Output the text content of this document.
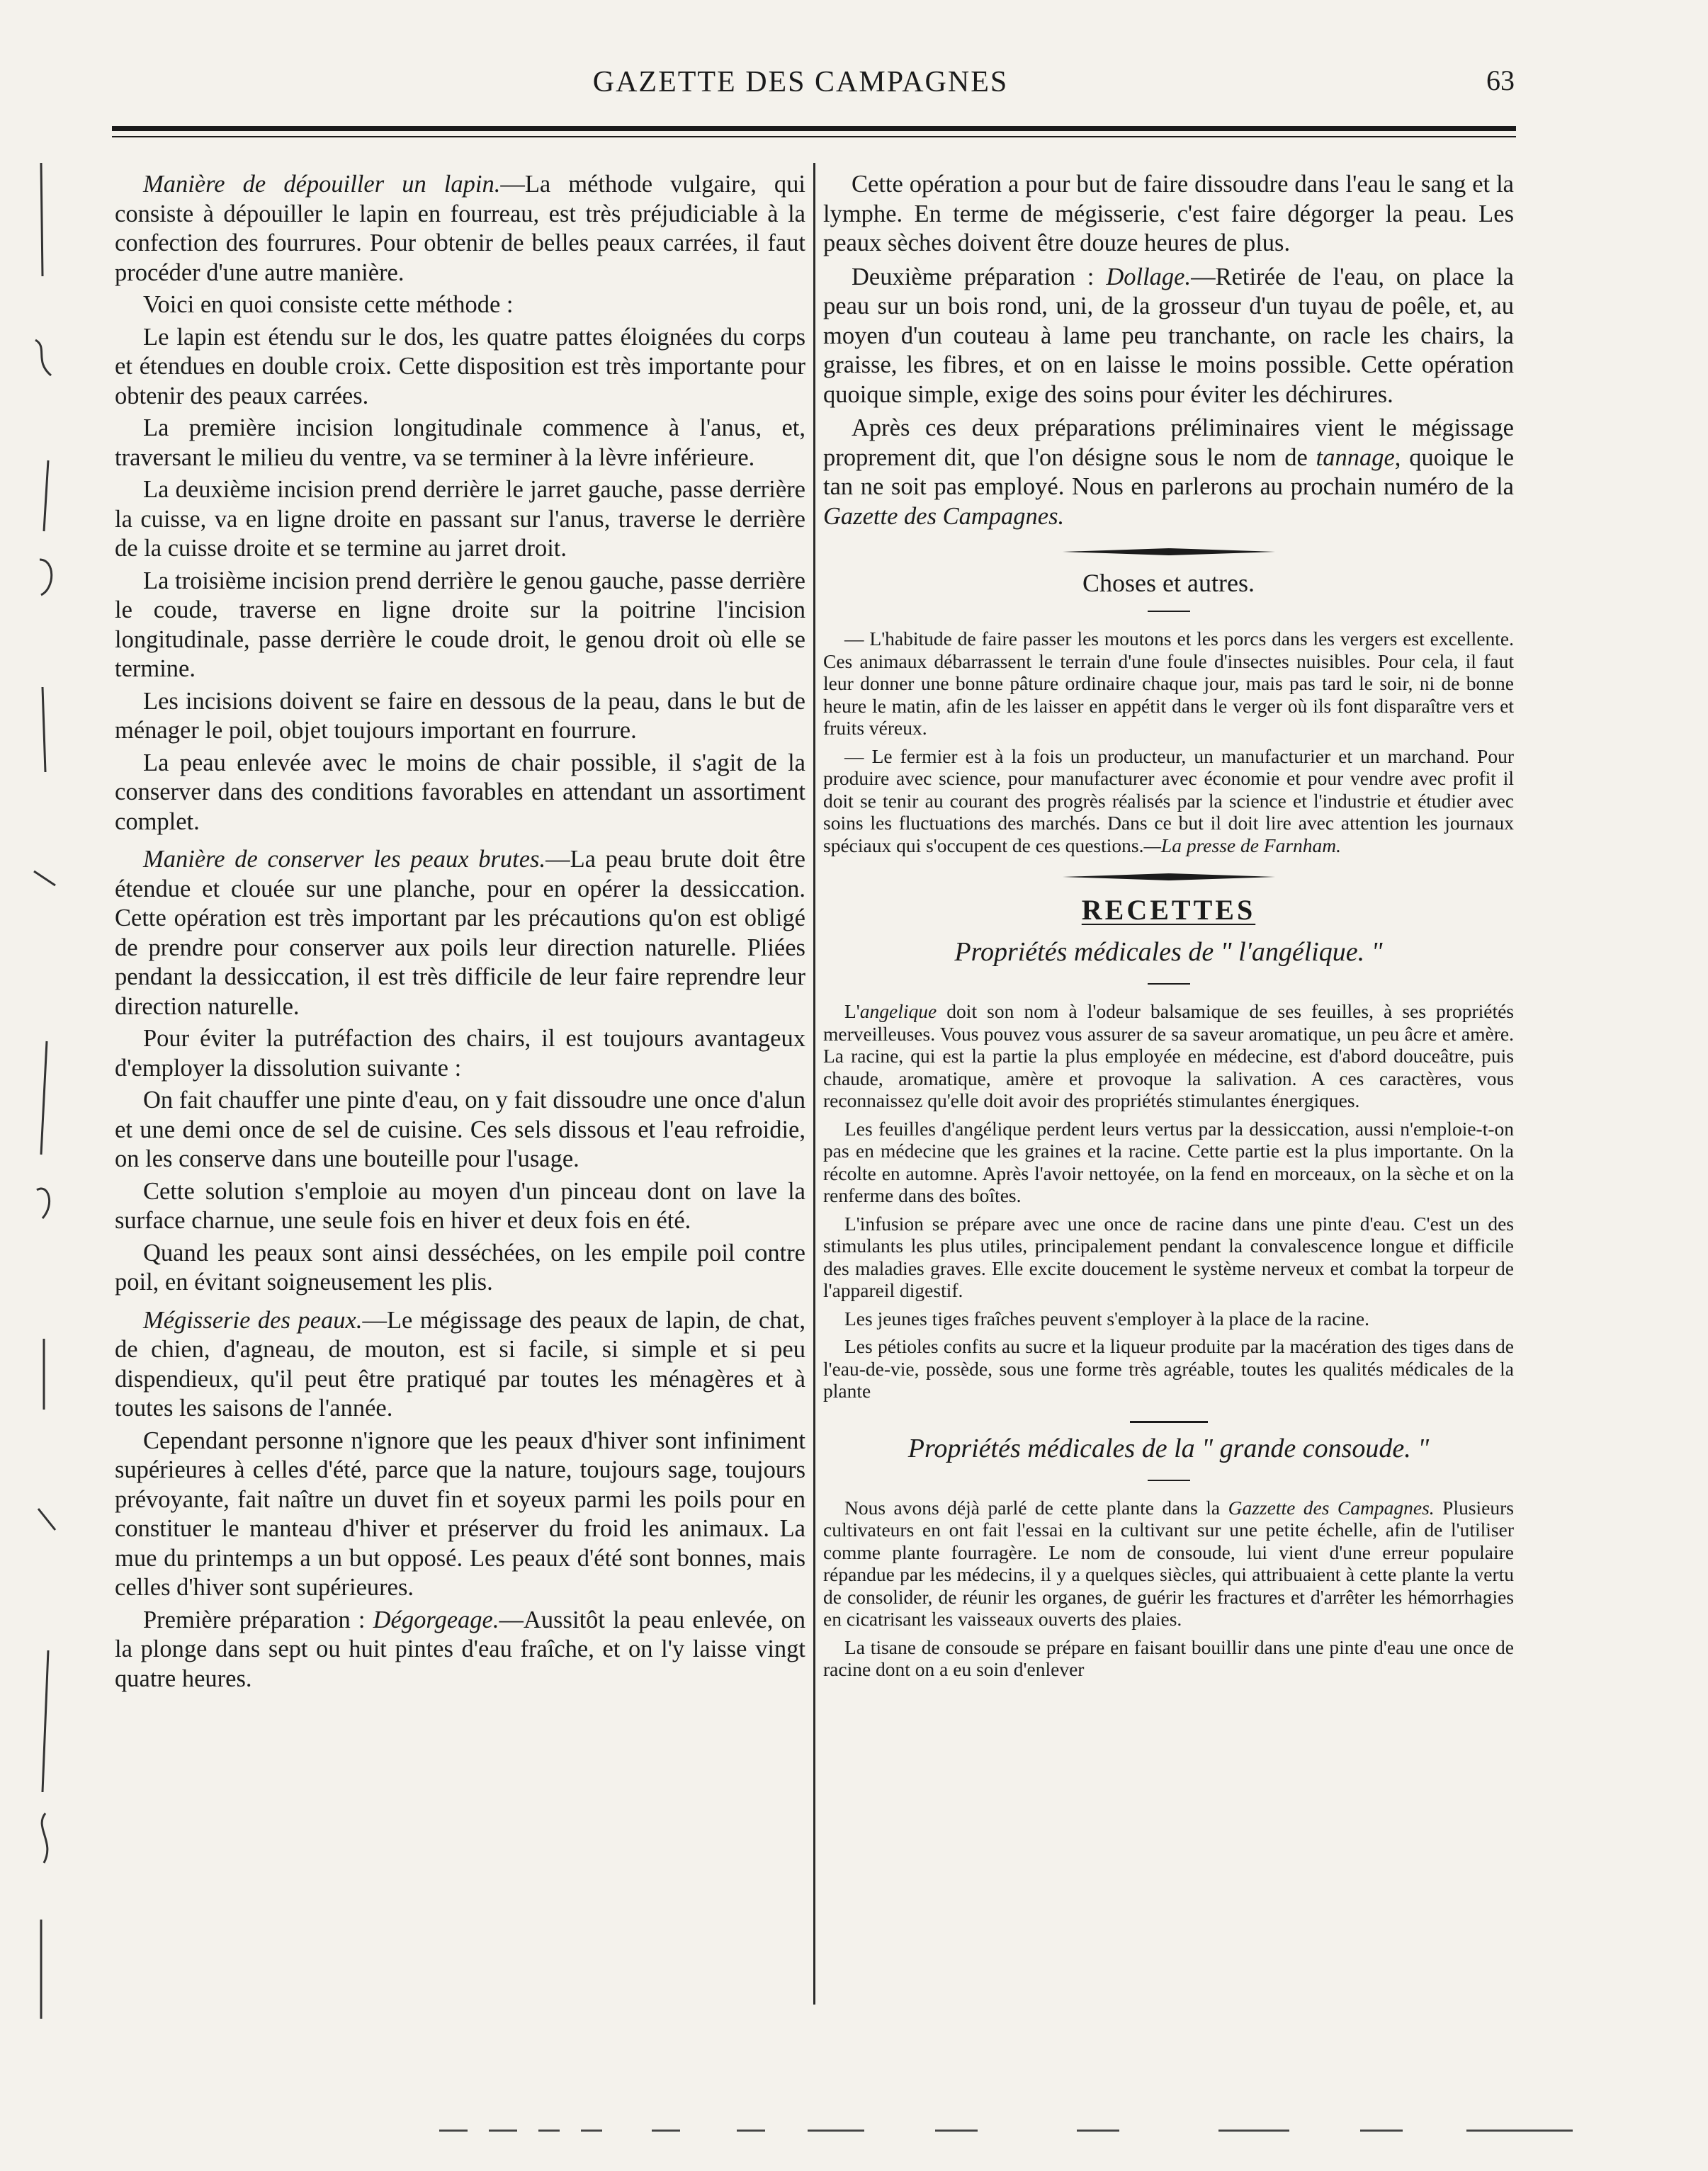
GAZETTE DES CAMPAGNES	63

Manière de dépouiller un lapin.—La méthode vulgaire, qui consiste à dépouiller le lapin en fourreau, est très préjudiciable à la confection des fourrures. Pour obtenir de belles peaux carrées, il faut procéder d'une autre manière.

Voici en quoi consiste cette méthode :

Le lapin est étendu sur le dos, les quatre pattes éloignées du corps et étendues en double croix. Cette disposition est très importante pour obtenir des peaux carrées.

La première incision longitudinale commence à l'anus, et, traversant le milieu du ventre, va se terminer à la lèvre inférieure.

La deuxième incision prend derrière le jarret gauche, passe derrière la cuisse, va en ligne droite en passant sur l'anus, traverse le derrière de la cuisse droite et se termine au jarret droit.

La troisième incision prend derrière le genou gauche, passe derrière le coude, traverse en ligne droite sur la poitrine l'incision longitudinale, passe derrière le coude droit, le genou droit où elle se termine.

Les incisions doivent se faire en dessous de la peau, dans le but de ménager le poil, objet toujours important en fourrure.

La peau enlevée avec le moins de chair possible, il s'agit de la conserver dans des conditions favorables en attendant un assortiment complet.

Manière de conserver les peaux brutes.—La peau brute doit être étendue et clouée sur une planche, pour en opérer la dessiccation. Cette opération est très important par les précautions qu'on est obligé de prendre pour conserver aux poils leur direction naturelle. Pliées pendant la dessiccation, il est très difficile de leur faire reprendre leur direction naturelle.

Pour éviter la putréfaction des chairs, il est toujours avantageux d'employer la dissolution suivante :

On fait chauffer une pinte d'eau, on y fait dissoudre une once d'alun et une demi once de sel de cuisine. Ces sels dissous et l'eau refroidie, on les conserve dans une bouteille pour l'usage.

Cette solution s'emploie au moyen d'un pinceau dont on lave la surface charnue, une seule fois en hiver et deux fois en été.

Quand les peaux sont ainsi desséchées, on les empile poil contre poil, en évitant soigneusement les plis.

Mégisserie des peaux.—Le mégissage des peaux de lapin, de chat, de chien, d'agneau, de mouton, est si facile, si simple et si peu dispendieux, qu'il peut être pratiqué par toutes les ménagères et à toutes les saisons de l'année.

Cependant personne n'ignore que les peaux d'hiver sont infiniment supérieures à celles d'été, parce que la nature, toujours sage, toujours prévoyante, fait naître un duvet fin et soyeux parmi les poils pour en constituer le manteau d'hiver et préserver du froid les animaux. La mue du printemps a un but opposé. Les peaux d'été sont bonnes, mais celles d'hiver sont supérieures.

Première préparation : Dégorgeage.—Aussitôt la peau enlevée, on la plonge dans sept ou huit pintes d'eau fraîche, et on l'y laisse vingt quatre heures.

Cette opération a pour but de faire dissoudre dans l'eau le sang et la lymphe. En terme de mégisserie, c'est faire dégorger la peau. Les peaux sèches doivent être douze heures de plus.

Deuxième préparation : Dollage.—Retirée de l'eau, on place la peau sur un bois rond, uni, de la grosseur d'un tuyau de poêle, et, au moyen d'un couteau à lame peu tranchante, on racle les chairs, la graisse, les fibres, et on en laisse le moins possible. Cette opération quoique simple, exige des soins pour éviter les déchirures.

Après ces deux préparations préliminaires vient le mégissage proprement dit, que l'on désigne sous le nom de tannage, quoique le tan ne soit pas employé. Nous en parlerons au prochain numéro de la Gazette des Campagnes.

Choses et autres.

— L'habitude de faire passer les moutons et les porcs dans les vergers est excellente. Ces animaux débarrassent le terrain d'une foule d'insectes nuisibles. Pour cela, il faut leur donner une bonne pâture ordinaire chaque jour, mais pas tard le soir, ni de bonne heure le matin, afin de les laisser en appétit dans le verger où ils font disparaître vers et fruits véreux.

— Le fermier est à la fois un producteur, un manufacturier et un marchand. Pour produire avec science, pour manufacturer avec économie et pour vendre avec profit il doit se tenir au courant des progrès réalisés par la science et l'industrie et étudier avec soins les fluctuations des marchés. Dans ce but il doit lire avec attention les journaux spéciaux qui s'occupent de ces questions.—La presse de Farnham.

RECETTES
Propriétés médicales de " l'angélique. "

L'angelique doit son nom à l'odeur balsamique de ses feuilles, à ses propriétés merveilleuses. Vous pouvez vous assurer de sa saveur aromatique, un peu âcre et amère. La racine, qui est la partie la plus employée en médecine, est d'abord douceâtre, puis chaude, aromatique, amère et provoque la salivation. A ces caractères, vous reconnaissez qu'elle doit avoir des propriétés stimulantes énergiques.

Les feuilles d'angélique perdent leurs vertus par la dessiccation, aussi n'emploie-t-on pas en médecine que les graines et la racine. Cette partie est la plus importante. On la récolte en automne. Après l'avoir nettoyée, on la fend en morceaux, on la sèche et on la renferme dans des boîtes.

L'infusion se prépare avec une once de racine dans une pinte d'eau. C'est un des stimulants les plus utiles, principalement pendant la convalescence longue et difficile des maladies graves. Elle excite doucement le système nerveux et combat la torpeur de l'appareil digestif.

Les jeunes tiges fraîches peuvent s'employer à la place de la racine.

Les pétioles confits au sucre et la liqueur produite par la macération des tiges dans de l'eau-de-vie, possède, sous une forme très agréable, toutes les qualités médicales de la plante

Propriétés médicales de la " grande consoude. "

Nous avons déjà parlé de cette plante dans la Gazzette des Campagnes. Plusieurs cultivateurs en ont fait l'essai en la cultivant sur une petite échelle, afin de l'utiliser comme plante fourragère. Le nom de consoude, lui vient d'une erreur populaire répandue par les médecins, il y a quelques siècles, qui attribuaient à cette plante la vertu de consolider, de réunir les organes, de guérir les fractures et d'arrêter les hémorrhagies en cicatrisant les vaisseaux ouverts des plaies.

La tisane de consoude se prépare en faisant bouillir dans une pinte d'eau une once de racine dont on a eu soin d'enlever
